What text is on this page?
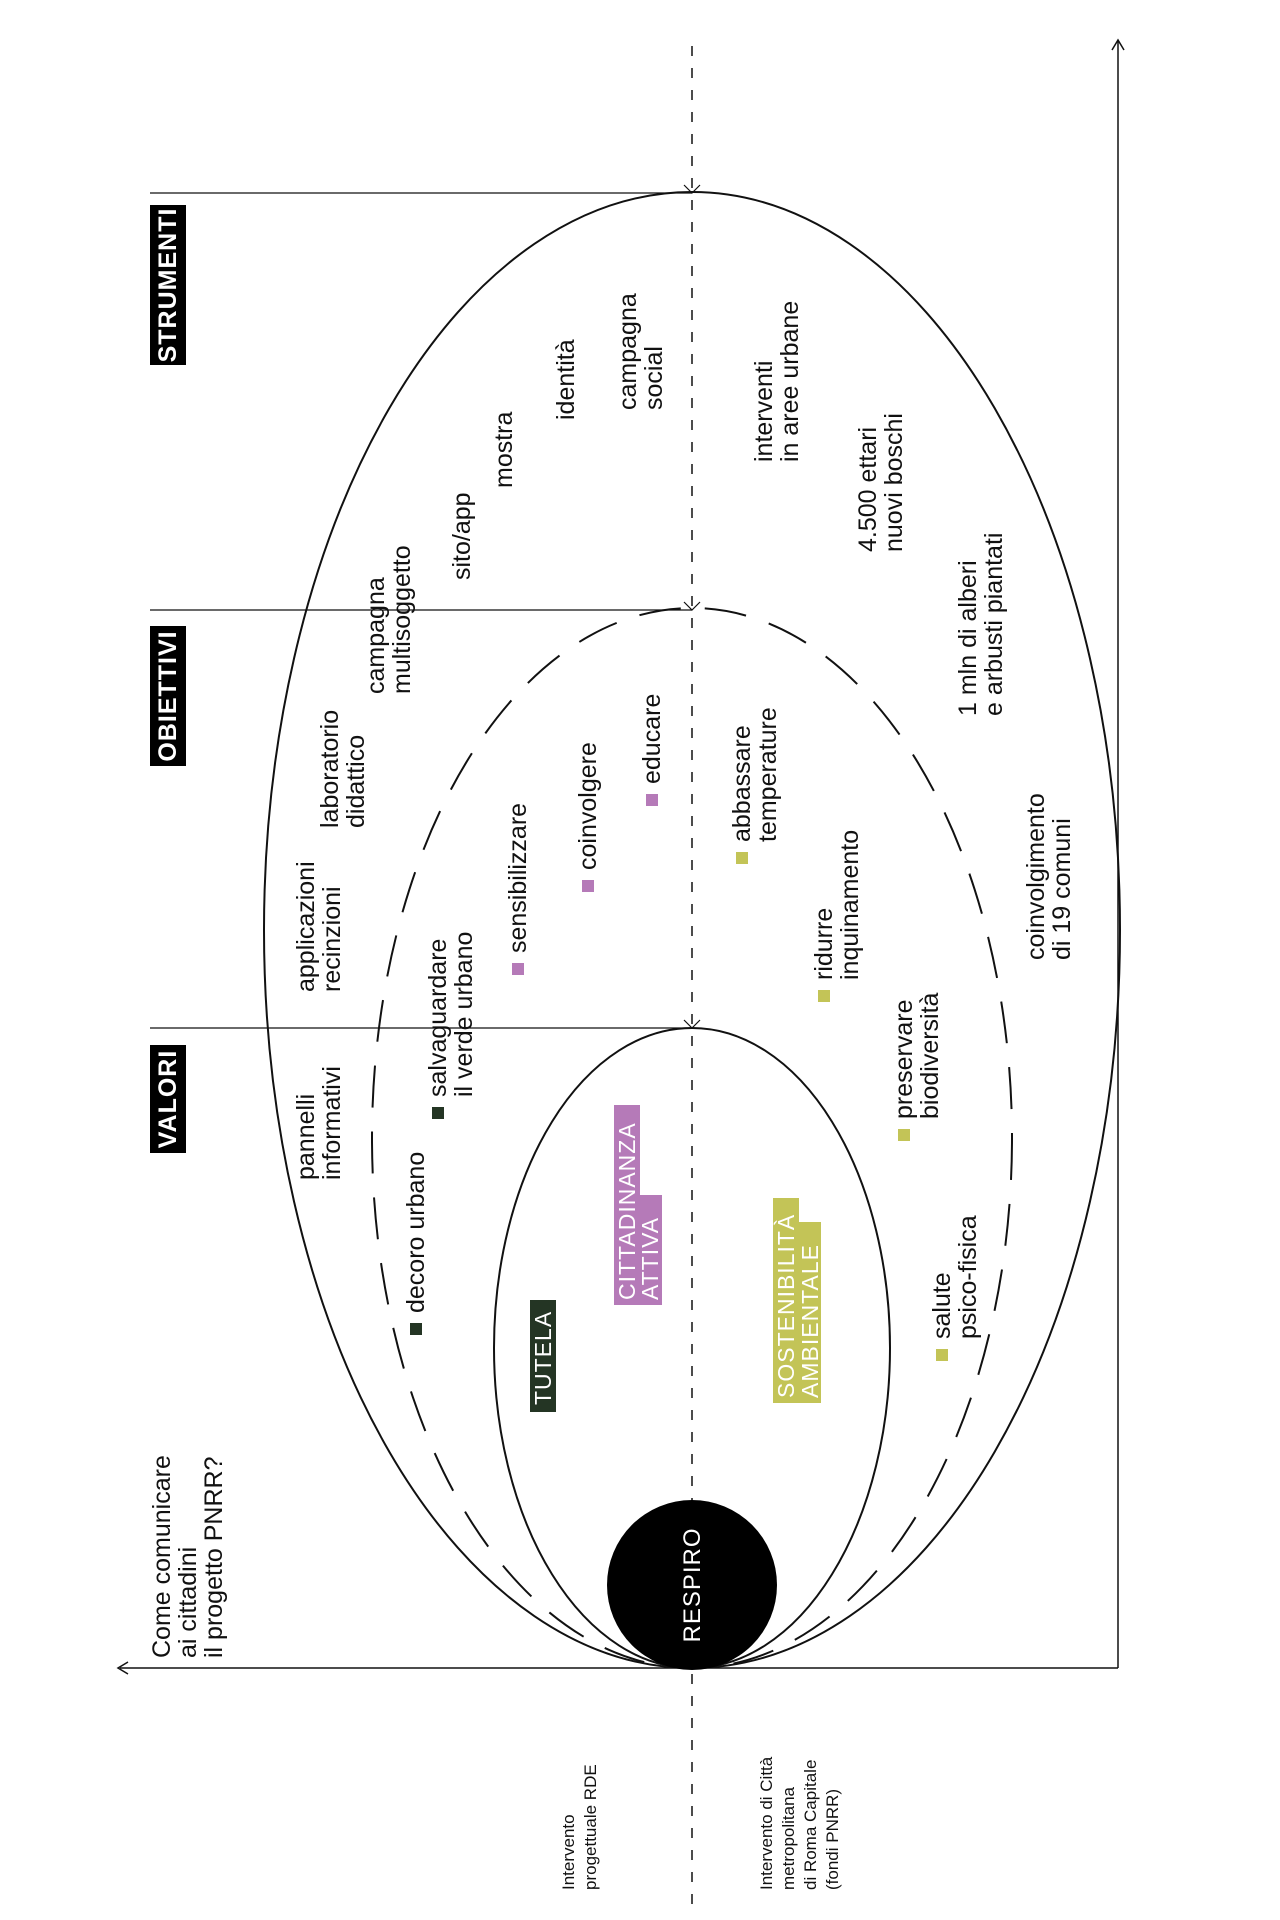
RESPIRO
VALORI
OBIETTIVI
STRUMENTI
Come comunicare
ai cittadini
il progetto PNRR?
Intervento progettuale RDE	Intervento di Città metropolitana di Roma Capitale (fondi PNRR)
TUTELA
CITTADINANZA
ATTIVA	SOSTENIBILITÀ
AMBIENTALE
decoro urbano
salvaguardare
il verde urbano
sensibilizzare coinvolgere
educare abbassare
temperature
ridurre
inquinamento
preservare
biodiversità
salute
psico-fisica
pannelli
informativi
applicazioni
recinzioni
laboratorio
didattico
campagna
multisoggetto
sito/app
mostra
identità campagna
social	interventi
in aree urbane
4.500 ettari
nuovi boschi
1 mln di alberi
e arbusti piantati
coinvolgimento
di 19 comuni
